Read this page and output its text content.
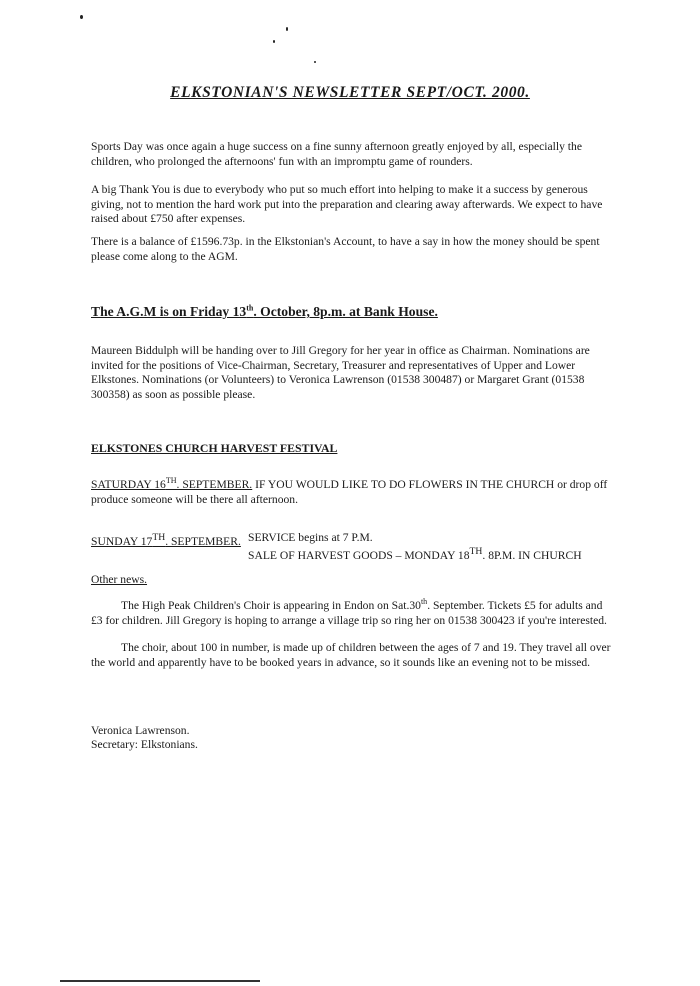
ELKSTONIAN'S NEWSLETTER SEPT/OCT. 2000.

Sports Day was once again a huge success on a fine sunny afternoon greatly enjoyed by all, especially the children, who prolonged the afternoons' fun with an impromptu game of rounders.

A big Thank You is due to everybody who put so much effort into helping to make it a success by generous giving, not to mention the hard work put into the preparation and clearing away afterwards. We expect to have raised about £750 after expenses.

There is a balance of £1596.73p. in the Elkstonian's Account, to have a say in how the money should be spent please come along to the AGM.

The A.G.M is on Friday 13th. October, 8p.m. at Bank House.

Maureen Biddulph will be handing over to Jill Gregory for her year in office as Chairman. Nominations are invited for the positions of Vice-Chairman, Secretary, Treasurer and representatives of Upper and Lower Elkstones. Nominations (or Volunteers) to Veronica Lawrenson (01538 300487) or Margaret Grant (01538 300358) as soon as possible please.

ELKSTONES CHURCH HARVEST FESTIVAL

SATURDAY 16TH. SEPTEMBER. IF YOU WOULD LIKE TO DO FLOWERS IN THE CHURCH or drop off produce someone will be there all afternoon.

SUNDAY 17TH. SEPTEMBER. SERVICE begins at 7 P.M.
SALE OF HARVEST GOODS – MONDAY 18TH. 8P.M. IN CHURCH
Other news.

The High Peak Children's Choir is appearing in Endon on Sat.30th. September. Tickets £5 for adults and £3 for children. Jill Gregory is hoping to arrange a village trip so ring her on 01538 300423 if you're interested.

The choir, about 100 in number, is made up of children between the ages of 7 and 19. They travel all over the world and apparently have to be booked years in advance, so it sounds like an evening not to be missed.

Veronica Lawrenson.
Secretary: Elkstonians.
